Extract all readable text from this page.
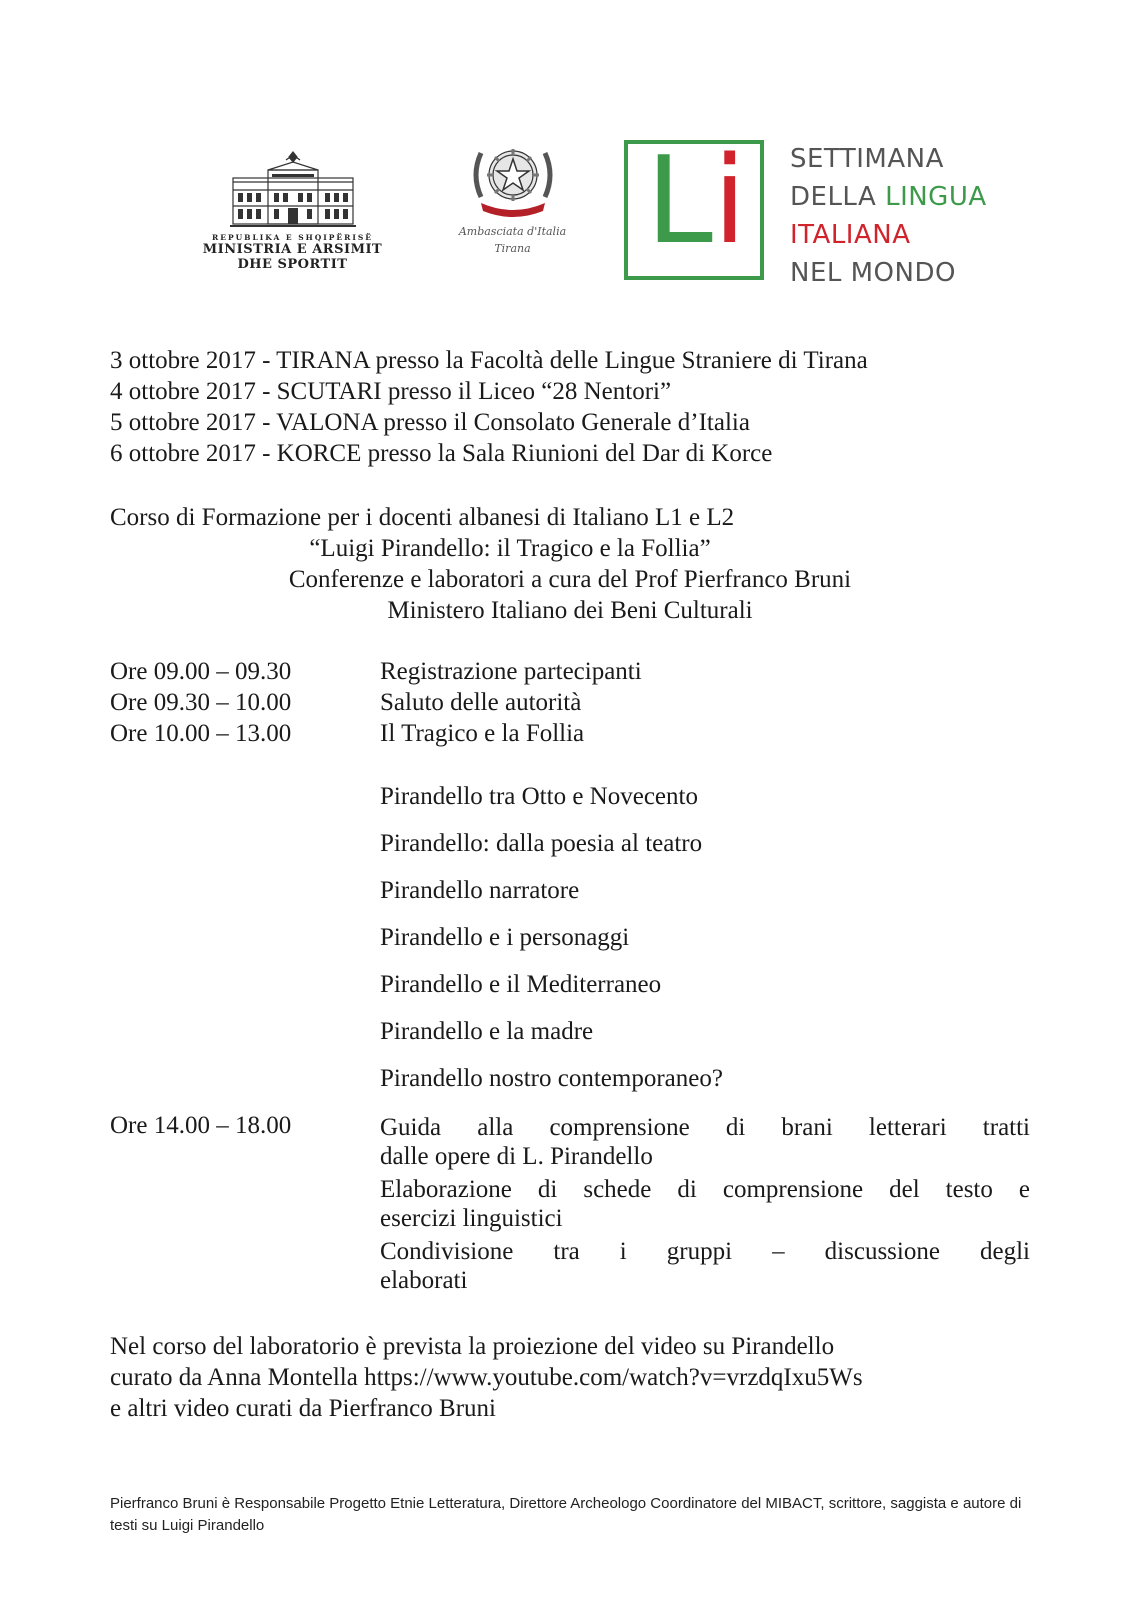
REPUBLIKA E SHQIPËRISË
MINISTRIA E ARSIMIT
DHE SPORTIT
Ambasciata d'Italia
Tirana L i SETTIMANA
DELLA LINGUA
ITALIANA
NEL MONDO
3 ottobre 2017 - TIRANA presso la Facoltà delle Lingue Straniere di Tirana
4 ottobre 2017 - SCUTARI presso il Liceo “28 Nentori”
5 ottobre 2017 - VALONA presso il Consolato Generale d’Italia
6 ottobre 2017 - KORCE presso la Sala Riunioni del Dar di Korce
Corso di Formazione per i docenti albanesi di Italiano L1 e L2
“Luigi Pirandello: il Tragico e la Follia”
Conferenze e laboratori a cura del Prof Pierfranco Bruni
Ministero Italiano dei Beni Culturali
Ore 09.00 – 09.30	Registrazione partecipanti
Ore 09.30 – 10.00	Saluto delle autorità
Ore 10.00 – 13.00	Il Tragico e la Follia
Pirandello tra Otto e Novecento
Pirandello: dalla poesia al teatro
Pirandello narratore
Pirandello e i personaggi
Pirandello e il Mediterraneo
Pirandello e la madre
Pirandello nostro contemporaneo?
Ore 14.00 – 18.00	Guida alla comprensione di brani letterari tratti
dalle opere di L. Pirandello
Elaborazione di schede di comprensione del testo e
esercizi linguistici
Condivisione tra i gruppi – discussione degli
elaborati
Nel corso del laboratorio è prevista la proiezione del video su Pirandello
curato da Anna Montella https://www.youtube.com/watch?v=vrzdqIxu5Ws
e altri video curati da Pierfranco Bruni
Pierfranco Bruni è Responsabile Progetto Etnie Letteratura, Direttore Archeologo Coordinatore del MIBACT, scrittore, saggista e autore di testi su Luigi Pirandello
